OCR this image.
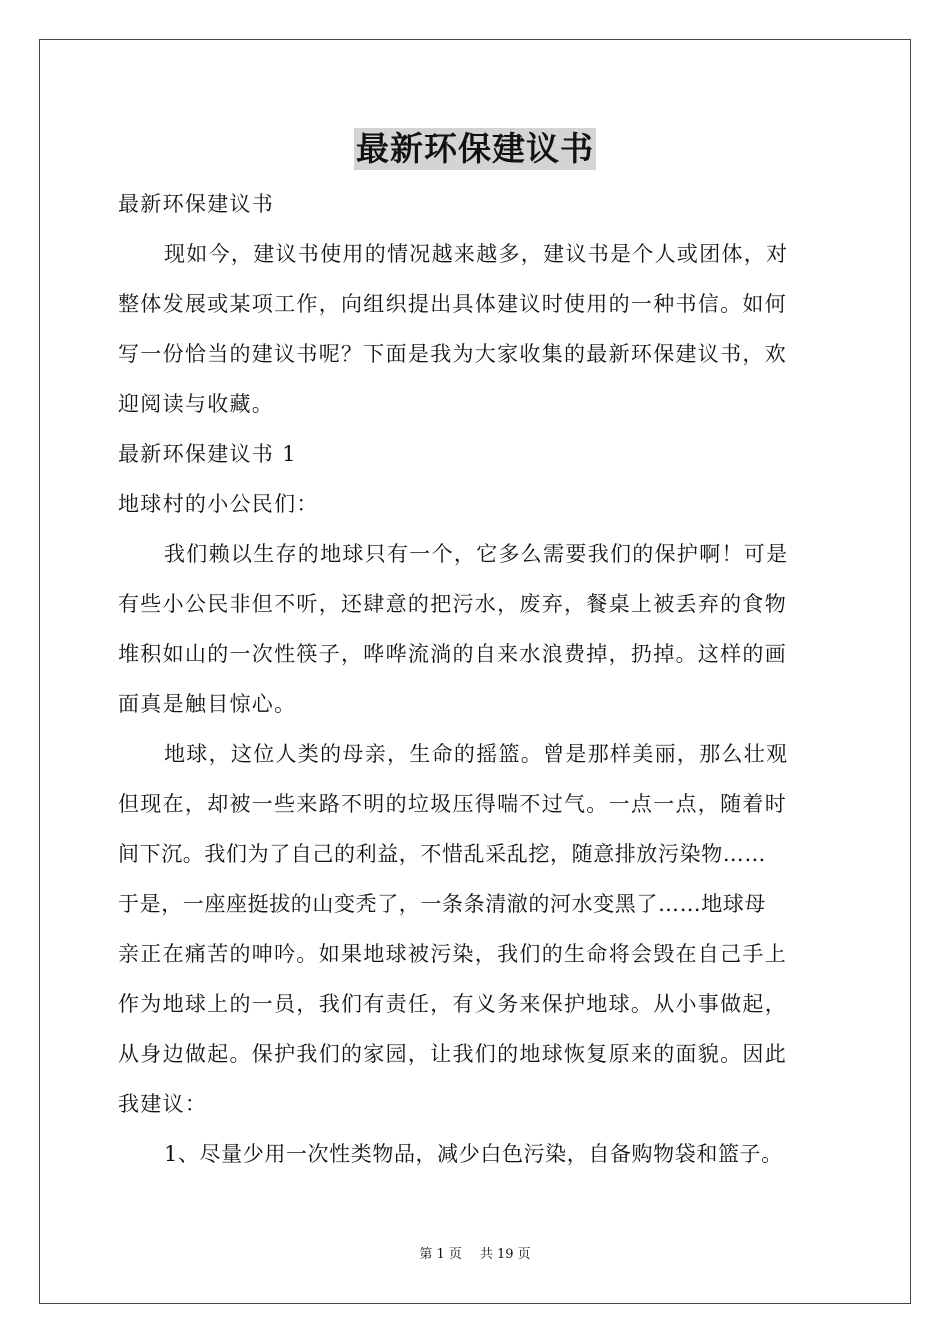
最新环保建议书
最新环保建议书
现如今，建议书使用的情况越来越多，建议书是个人或团体，对
整体发展或某项工作，向组织提出具体建议时使用的一种书信。如何
写一份恰当的建议书呢？下面是我为大家收集的最新环保建议书，欢
迎阅读与收藏。
最新环保建议书 1
地球村的小公民们：
我们赖以生存的地球只有一个，它多么需要我们的保护啊！可是
有些小公民非但不听，还肆意的把污水，废弃，餐桌上被丢弃的食物
堆积如山的一次性筷子，哗哗流淌的自来水浪费掉，扔掉。这样的画
面真是触目惊心。
地球，这位人类的母亲，生命的摇篮。曾是那样美丽，那么壮观
但现在，却被一些来路不明的垃圾压得喘不过气。一点一点，随着时
间下沉。我们为了自己的利益，不惜乱采乱挖，随意排放污染物……
于是，一座座挺拔的山变秃了，一条条清澈的河水变黑了……地球母
亲正在痛苦的呻吟。如果地球被污染，我们的生命将会毁在自己手上
作为地球上的一员，我们有责任，有义务来保护地球。从小事做起，
从身边做起。保护我们的家园，让我们的地球恢复原来的面貌。因此
我建议：
1、尽量少用一次性类物品，减少白色污染，自备购物袋和篮子。
第 1 页 共 19 页
